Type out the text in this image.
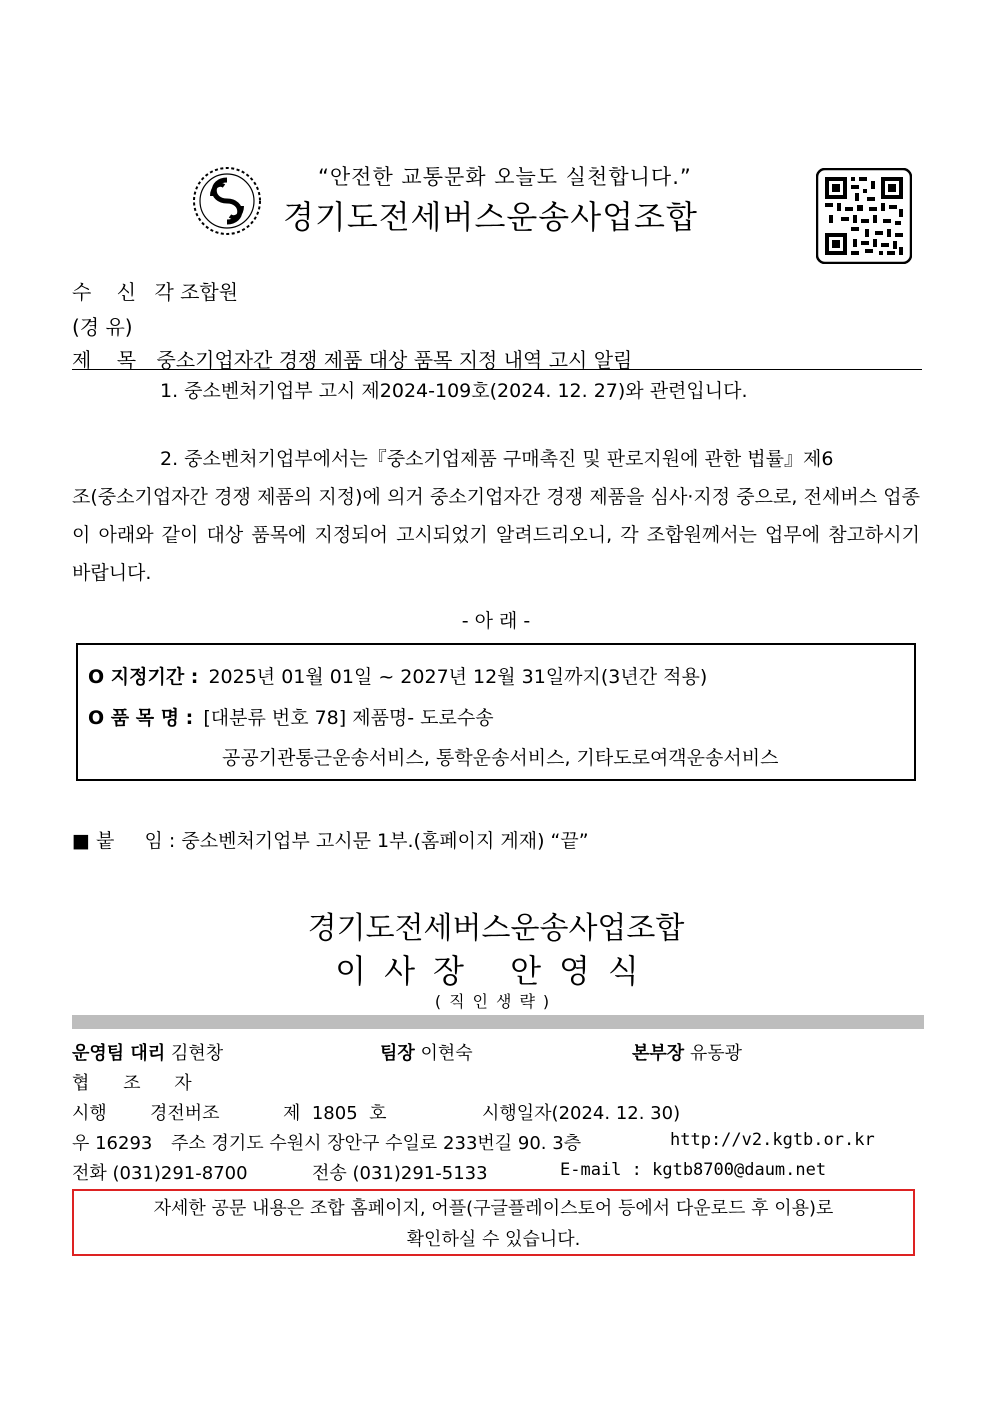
“안전한 교통문화 오늘도 실천합니다.”
경기도전세버스운송사업조합
수    신 각 조합원
(경 유)
제    목 중소기업자간 경쟁 제품 대상 품목 지정 내역 고시 알림
1. 중소벤처기업부 고시 제2024-109호(2024. 12. 27)와 관련입니다.
2. 중소벤처기업부에서는『중소기업제품 구매촉진 및 판로지원에 관한 법률』제6
조(중소기업자간 경쟁 제품의 지정)에 의거 중소기업자간 경쟁 제품을 심사·지정 중으로, 전세버스 업종이 아래와 같이 대상 품목에 지정되어 고시되었기 알려드리오니, 각 조합원께서는 업무에 참고하시기 바랍니다.
- 아 래 -
O 지정기간 : 2025년 01월 01일 ~ 2027년 12월 31일까지(3년간 적용)
O 품 목 명 : [대분류 번호 78] 제품명- 도로수송
공공기관통근운송서비스, 통학운송서비스, 기타도로여객운송서비스
■ 붙     임 : 중소벤처기업부 고시문 1부.(홈페이지 게재) “끝”
경기도전세버스운송사업조합
이사장 안영식
(직인생략)
운영팀 대리 김현창	팀장 이현숙	본부장 유동광
협 조 자
시행 경전버조	제  1805  호	시행일자(2024. 12. 30)
우 16293 주소 경기도 수원시 장안구 수일로 233번길 90. 3층	http://v2.kgtb.or.kr
전화 (031)291-8700	전송 (031)291-5133	E-mail : kgtb8700@daum.net
자세한 공문 내용은 조합 홈페이지, 어플(구글플레이스토어 등에서 다운로드 후 이용)로
확인하실 수 있습니다.
